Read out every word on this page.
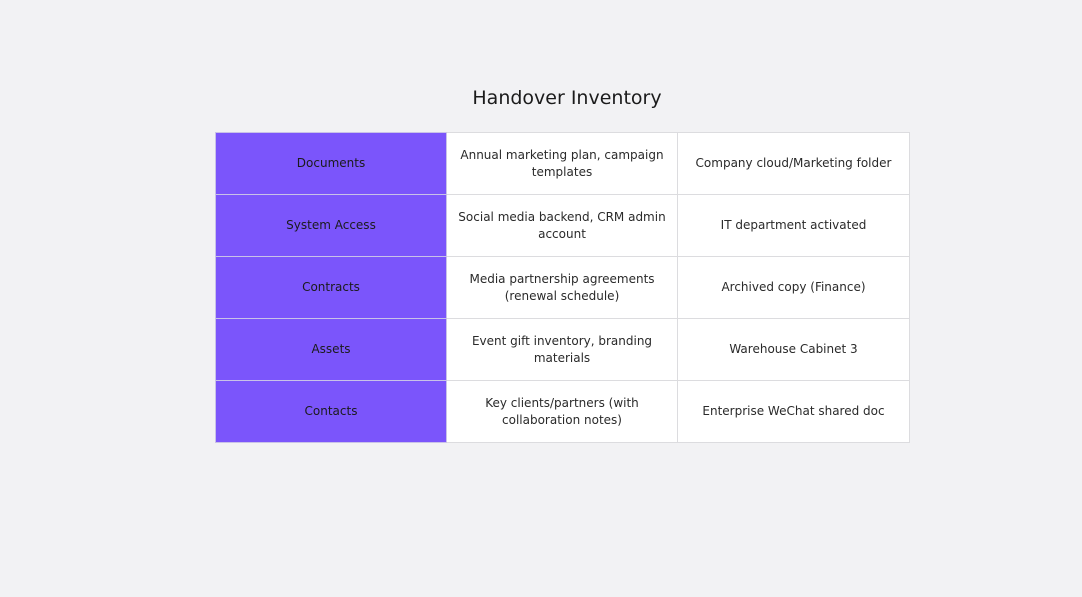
Handover Inventory
Documents	Annual marketing plan, campaign templates	Company cloud/Marketing folder
System Access	Social media backend, CRM admin account	IT department activated
Contracts	Media partnership agreements (renewal schedule)	Archived copy (Finance)
Assets	Event gift inventory, branding materials	Warehouse Cabinet 3
Contacts	Key clients/partners (with collaboration notes)	Enterprise WeChat shared doc
